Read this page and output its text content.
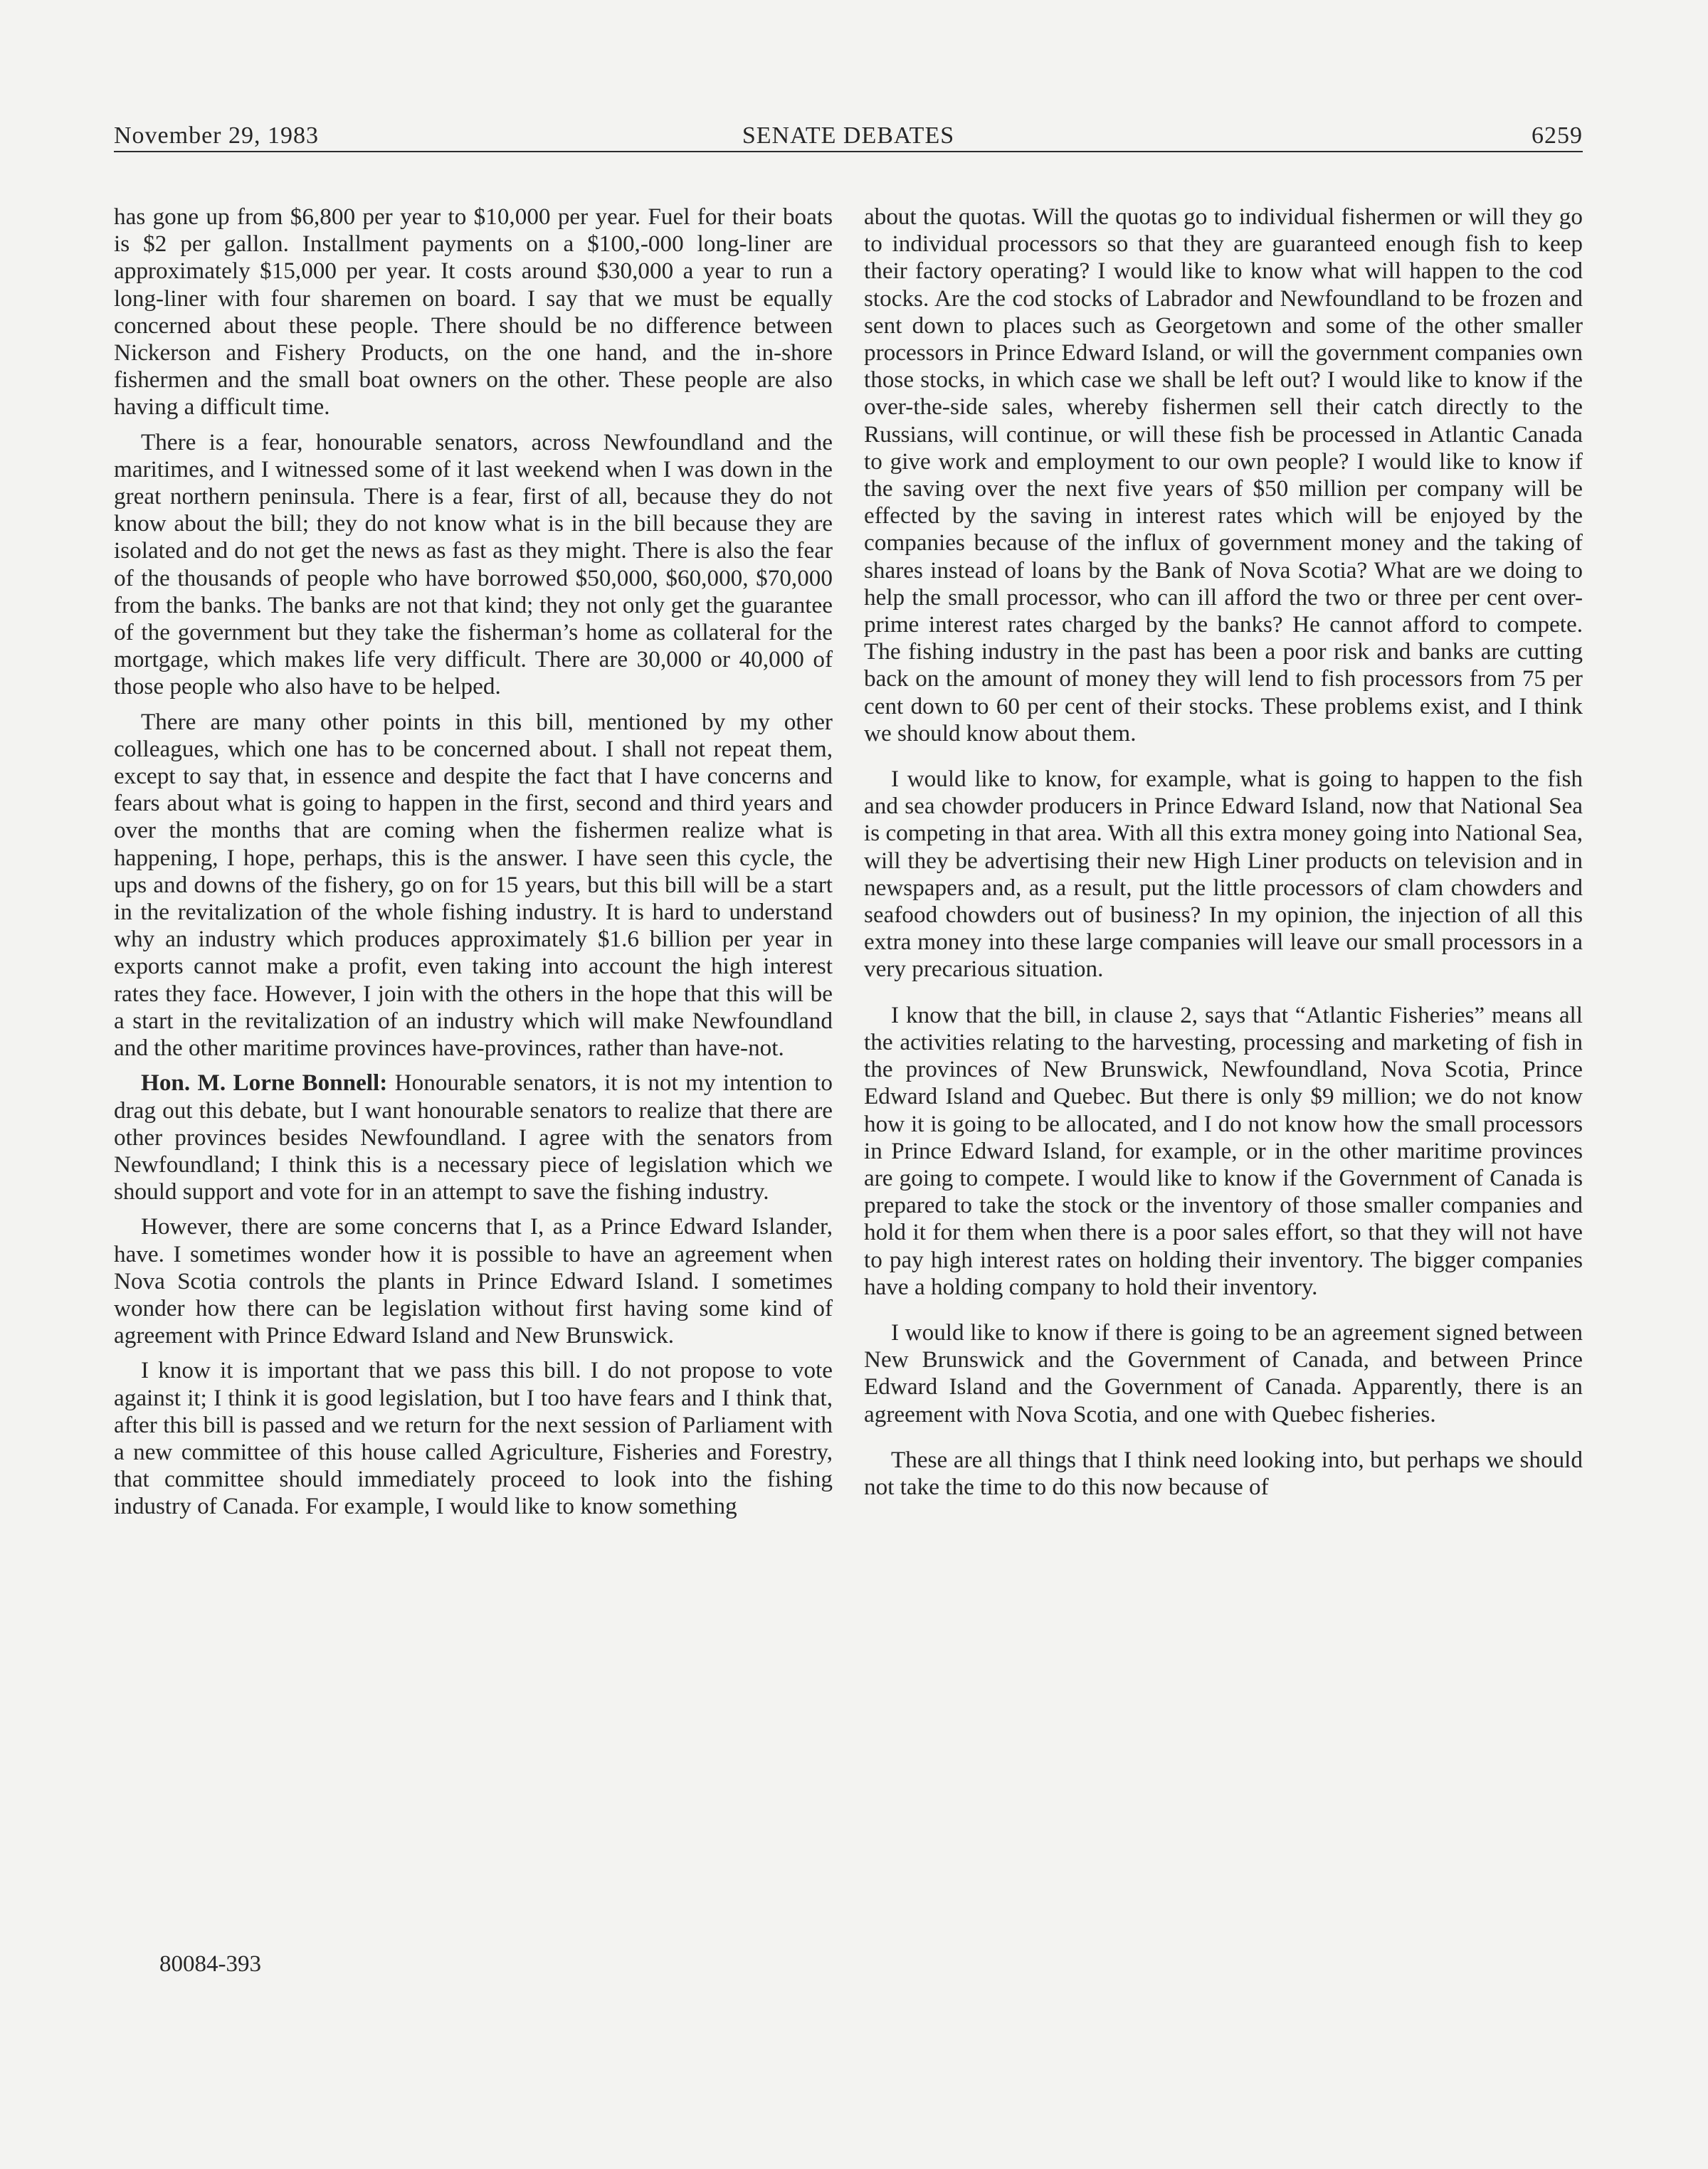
November 29, 1983	SENATE DEBATES	6259

has gone up from $6,800 per year to $10,000 per year. Fuel for their boats is $2 per gallon. Installment payments on a $100,-000 long-liner are approximately $15,000 per year. It costs around $30,000 a year to run a long-liner with four sharemen on board. I say that we must be equally concerned about these people. There should be no difference between Nickerson and Fishery Products, on the one hand, and the in-shore fishermen and the small boat owners on the other. These people are also having a difficult time.

There is a fear, honourable senators, across Newfoundland and the maritimes, and I witnessed some of it last weekend when I was down in the great northern peninsula. There is a fear, first of all, because they do not know about the bill; they do not know what is in the bill because they are isolated and do not get the news as fast as they might. There is also the fear of the thousands of people who have borrowed $50,000, $60,000, $70,000 from the banks. The banks are not that kind; they not only get the guarantee of the government but they take the fisherman’s home as collateral for the mortgage, which makes life very difficult. There are 30,000 or 40,000 of those people who also have to be helped.

There are many other points in this bill, mentioned by my other colleagues, which one has to be concerned about. I shall not repeat them, except to say that, in essence and despite the fact that I have concerns and fears about what is going to happen in the first, second and third years and over the months that are coming when the fishermen realize what is happening, I hope, perhaps, this is the answer. I have seen this cycle, the ups and downs of the fishery, go on for 15 years, but this bill will be a start in the revitalization of the whole fishing industry. It is hard to understand why an industry which produces approximately $1.6 billion per year in exports cannot make a profit, even taking into account the high interest rates they face. However, I join with the others in the hope that this will be a start in the revitalization of an industry which will make Newfoundland and the other maritime provinces have-provinces, rather than have-not.

Hon. M. Lorne Bonnell: Honourable senators, it is not my intention to drag out this debate, but I want honourable senators to realize that there are other provinces besides Newfoundland. I agree with the senators from Newfoundland; I think this is a necessary piece of legislation which we should support and vote for in an attempt to save the fishing industry.

However, there are some concerns that I, as a Prince Edward Islander, have. I sometimes wonder how it is possible to have an agreement when Nova Scotia controls the plants in Prince Edward Island. I sometimes wonder how there can be legislation without first having some kind of agreement with Prince Edward Island and New Brunswick.

I know it is important that we pass this bill. I do not propose to vote against it; I think it is good legislation, but I too have fears and I think that, after this bill is passed and we return for the next session of Parliament with a new committee of this house called Agriculture, Fisheries and Forestry, that committee should immediately proceed to look into the fishing industry of Canada. For example, I would like to know something

about the quotas. Will the quotas go to individual fishermen or will they go to individual processors so that they are guaranteed enough fish to keep their factory operating? I would like to know what will happen to the cod stocks. Are the cod stocks of Labrador and Newfoundland to be frozen and sent down to places such as Georgetown and some of the other smaller processors in Prince Edward Island, or will the government companies own those stocks, in which case we shall be left out? I would like to know if the over-the-side sales, whereby fishermen sell their catch directly to the Russians, will continue, or will these fish be processed in Atlantic Canada to give work and employment to our own people? I would like to know if the saving over the next five years of $50 million per company will be effected by the saving in interest rates which will be enjoyed by the companies because of the influx of government money and the taking of shares instead of loans by the Bank of Nova Scotia? What are we doing to help the small processor, who can ill afford the two or three per cent over-prime interest rates charged by the banks? He cannot afford to compete. The fishing industry in the past has been a poor risk and banks are cutting back on the amount of money they will lend to fish processors from 75 per cent down to 60 per cent of their stocks. These problems exist, and I think we should know about them.

I would like to know, for example, what is going to happen to the fish and sea chowder producers in Prince Edward Island, now that National Sea is competing in that area. With all this extra money going into National Sea, will they be advertising their new High Liner products on television and in newspapers and, as a result, put the little processors of clam chowders and seafood chowders out of business? In my opinion, the injection of all this extra money into these large companies will leave our small processors in a very precarious situation.

I know that the bill, in clause 2, says that “Atlantic Fisheries” means all the activities relating to the harvesting, processing and marketing of fish in the provinces of New Brunswick, Newfoundland, Nova Scotia, Prince Edward Island and Quebec. But there is only $9 million; we do not know how it is going to be allocated, and I do not know how the small processors in Prince Edward Island, for example, or in the other maritime provinces are going to compete. I would like to know if the Government of Canada is prepared to take the stock or the inventory of those smaller companies and hold it for them when there is a poor sales effort, so that they will not have to pay high interest rates on holding their inventory. The bigger companies have a holding company to hold their inventory.

I would like to know if there is going to be an agreement signed between New Brunswick and the Government of Canada, and between Prince Edward Island and the Government of Canada. Apparently, there is an agreement with Nova Scotia, and one with Quebec fisheries.

These are all things that I think need looking into, but perhaps we should not take the time to do this now because of

80084-393
